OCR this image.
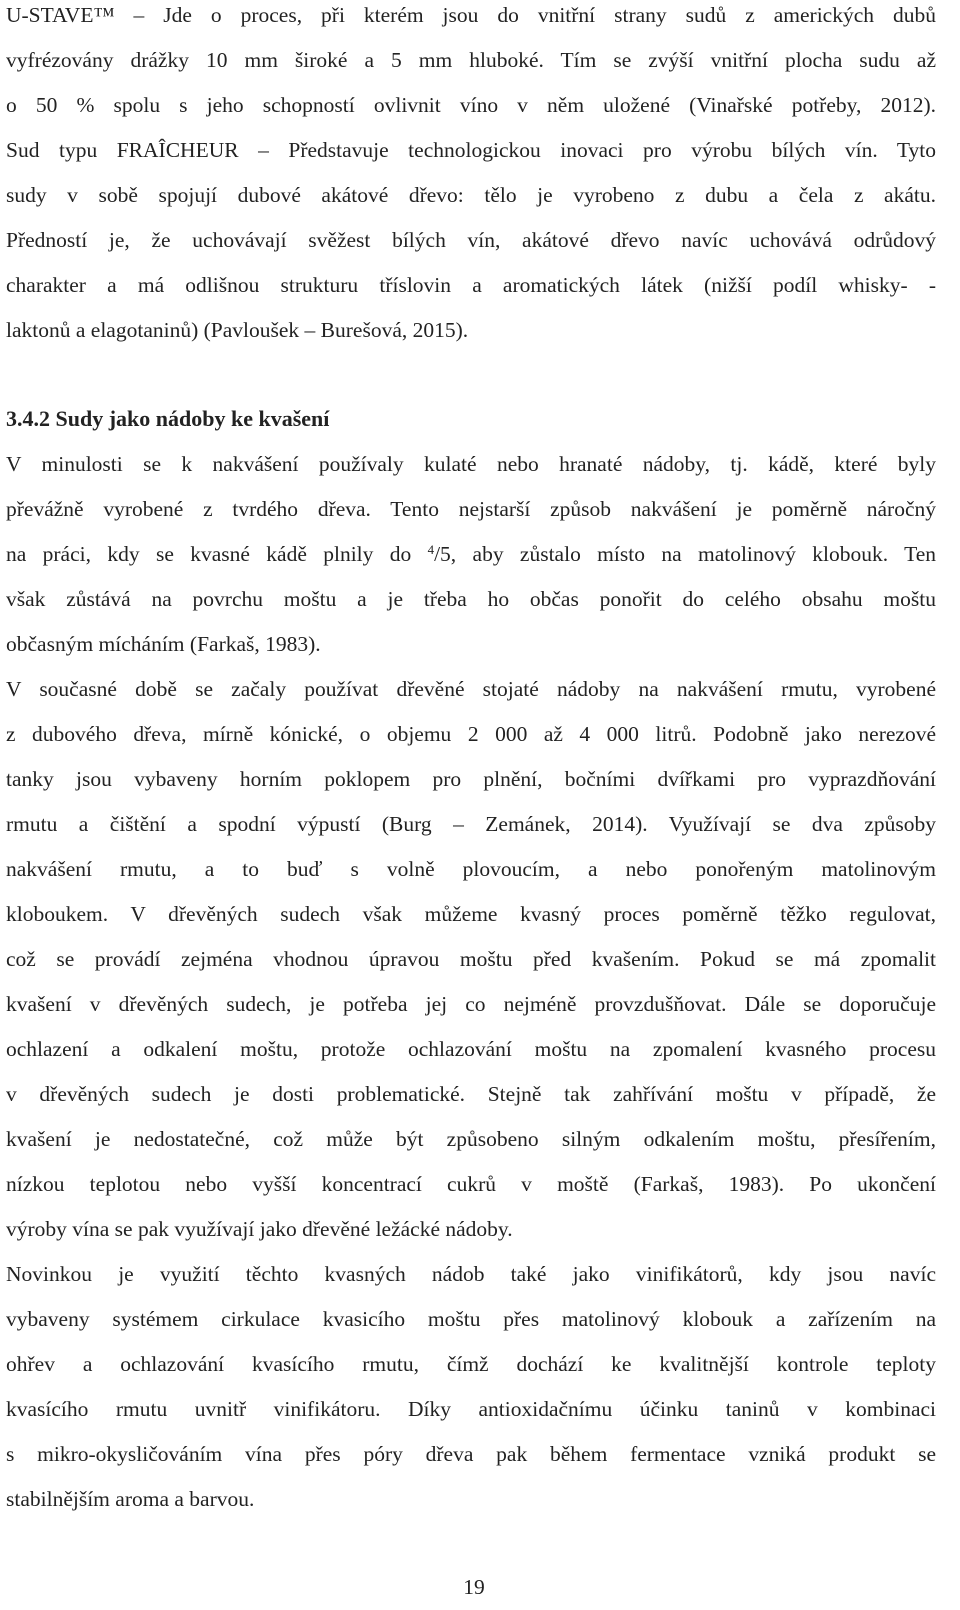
U-STAVE™ – Jde o proces, při kterém jsou do vnitřní strany sudů z amerických dubů
vyfrézovány drážky 10 mm široké a 5 mm hluboké. Tím se zvýší vnitřní plocha sudu až
o 50 % spolu s jeho schopností ovlivnit víno v něm uložené (Vinařské potřeby, 2012).
Sud typu FRAÎCHEUR – Představuje technologickou inovaci pro výrobu bílých vín. Tyto
sudy v sobě spojují dubové akátové dřevo: tělo je vyrobeno z dubu a čela z akátu.
Předností je, že uchovávají svěžest bílých vín, akátové dřevo navíc uchovává odrůdový
charakter a má odlišnou strukturu tříslovin a aromatických látek (nižší podíl whisky- -
laktonů a elagotaninů) (Pavloušek – Burešová, 2015).
3.4.2 Sudy jako nádoby ke kvašení
V minulosti se k nakvášení používaly kulaté nebo hranaté nádoby, tj. kádě, které byly
převážně vyrobené z tvrdého dřeva. Tento nejstarší způsob nakvášení je poměrně náročný
na práci, kdy se kvasné kádě plnily do $^4$/5, aby zůstalo místo na matolinový klobouk. Ten
však zůstává na povrchu moštu a je třeba ho občas ponořit do celého obsahu moštu
občasným mícháním (Farkaš, 1983).
V současné době se začaly používat dřevěné stojaté nádoby na nakvášení rmutu, vyrobené
z dubového dřeva, mírně kónické, o objemu 2 000 až 4 000 litrů. Podobně jako nerezové
tanky jsou vybaveny horním poklopem pro plnění, bočními dvířkami pro vyprazdňování
rmutu a čištění a spodní výpustí (Burg – Zemánek, 2014). Využívají se dva způsoby
nakvášení rmutu, a to buď s volně plovoucím, a nebo ponořeným matolinovým
kloboukem. V dřevěných sudech však můžeme kvasný proces poměrně těžko regulovat,
což se provádí zejména vhodnou úpravou moštu před kvašením. Pokud se má zpomalit
kvašení v dřevěných sudech, je potřeba jej co nejméně provzdušňovat. Dále se doporučuje
ochlazení a odkalení moštu, protože ochlazování moštu na zpomalení kvasného procesu
v dřevěných sudech je dosti problematické. Stejně tak zahřívání moštu v případě, že
kvašení je nedostatečné, což může být způsobeno silným odkalením moštu, přesířením,
nízkou teplotou nebo vyšší koncentrací cukrů v moště (Farkaš, 1983). Po ukončení
výroby vína se pak využívají jako dřevěné ležácké nádoby.
Novinkou je využití těchto kvasných nádob také jako vinifikátorů, kdy jsou navíc
vybaveny systémem cirkulace kvasicího moštu přes matolinový klobouk a zařízením na
ohřev a ochlazování kvasícího rmutu, čímž dochází ke kvalitnější kontrole teploty
kvasícího rmutu uvnitř vinifikátoru. Díky antioxidačnímu účinku taninů v kombinaci
s mikro-okysličováním vína přes póry dřeva pak během fermentace vzniká produkt se
stabilnějším aroma a barvou.
19
